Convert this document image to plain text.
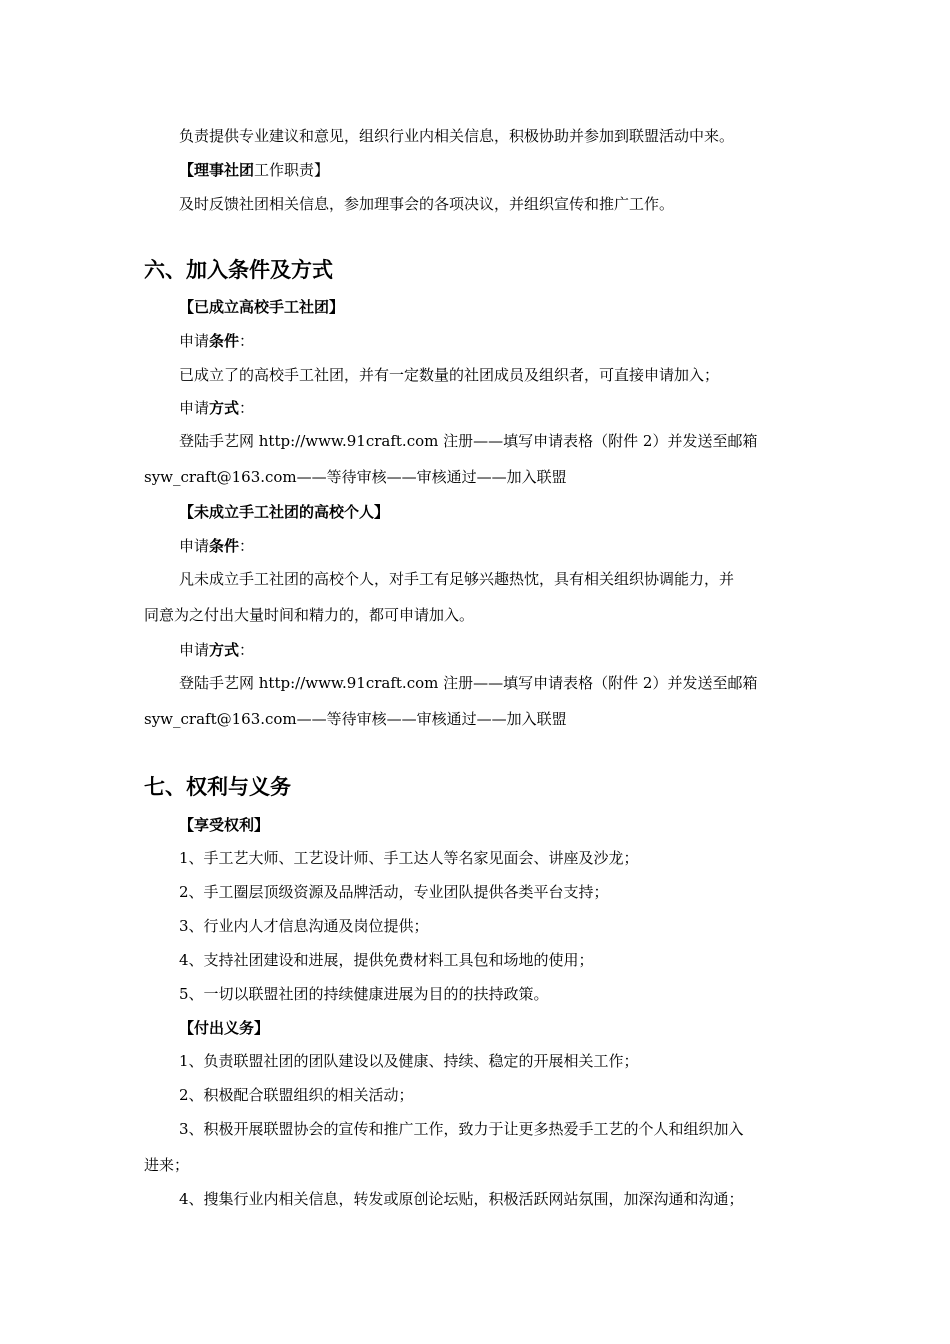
负责提供专业建议和意见，组织行业内相关信息，积极协助并参加到联盟活动中来。
【理事社团工作职责】
及时反馈社团相关信息，参加理事会的各项决议，并组织宣传和推广工作。
六、加入条件及方式
【已成立高校手工社团】
申请条件：
已成立了的高校手工社团，并有一定数量的社团成员及组织者，可直接申请加入；
申请方式：
登陆手艺网 http://www.91craft.com 注册——填写申请表格（附件 2）并发送至邮箱
syw_craft@163.com——等待审核——审核通过——加入联盟
【未成立手工社团的高校个人】
申请条件：
凡未成立手工社团的高校个人，对手工有足够兴趣热忱，具有相关组织协调能力，并
同意为之付出大量时间和精力的，都可申请加入。
申请方式：
登陆手艺网 http://www.91craft.com 注册——填写申请表格（附件 2）并发送至邮箱
syw_craft@163.com——等待审核——审核通过——加入联盟
七、权利与义务
【享受权利】
1、手工艺大师、工艺设计师、手工达人等名家见面会、讲座及沙龙；
2、手工圈层顶级资源及品牌活动，专业团队提供各类平台支持；
3、行业内人才信息沟通及岗位提供；
4、支持社团建设和进展，提供免费材料工具包和场地的使用；
5、一切以联盟社团的持续健康进展为目的的扶持政策。
【付出义务】
1、负责联盟社团的团队建设以及健康、持续、稳定的开展相关工作；
2、积极配合联盟组织的相关活动；
3、积极开展联盟协会的宣传和推广工作，致力于让更多热爱手工艺的个人和组织加入
进来；
4、搜集行业内相关信息，转发或原创论坛贴，积极活跃网站氛围，加深沟通和沟通；
